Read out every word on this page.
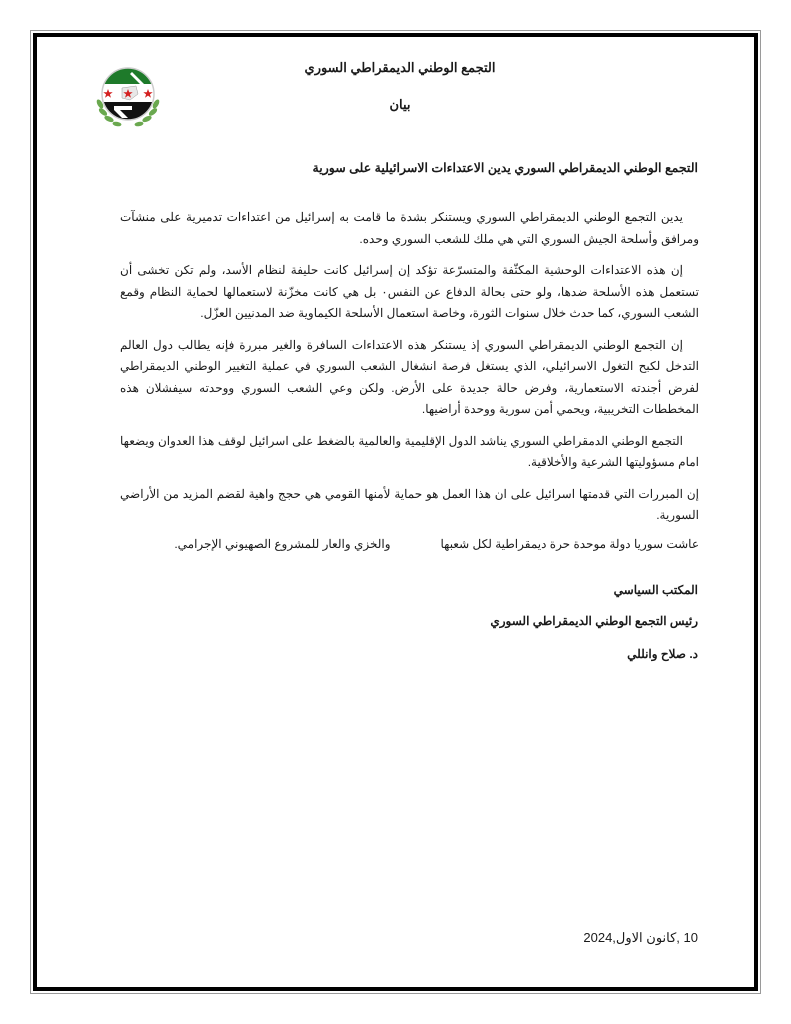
التجمع الوطني الديمقراطي السوري
بيان
التجمع الوطني الديمقراطي السوري يدين الاعتداءات الاسرائيلية على سورية

يدين التجمع الوطني الديمقراطي السوري ويستنكر بشدة ما قامت به إسرائيل من اعتداءات تدميرية على منشآت ومرافق وأسلحة الجيش السوري التي هي ملك للشعب السوري وحده.

إن هذه الاعتداءات الوحشية المكثّفة والمتسرّعة تؤكد إن إسرائيل كانت حليفة لنظام الأسد، ولم تكن تخشى أن تستعمل هذه الأسلحة ضدها، ولو حتى بحالة الدفاع عن النفس٠ بل هي كانت مخزّنة لاستعمالها لحماية النظام وقمع الشعب السوري، كما حدث خلال سنوات الثورة، وخاصة استعمال الأسلحة الكيماوية ضد المدنيين العزّل.

إن التجمع الوطني الديمقراطي السوري إذ يستنكر هذه الاعتداءات السافرة والغير مبررة فإنه يطالب دول العالم التدخل لكبح التغول الاسرائيلي، الذي يستغل فرصة انشغال الشعب السوري في عملية التغيير الوطني الديمقراطي لفرض أجندته الاستعمارية، وفرض حالة جديدة على الأرض. ولكن وعي الشعب السوري ووحدته سيفشلان هذه المخططات التخريبية، ويحمي أمن سورية ووحدة أراضيها.

التجمع الوطني الدمقراطي السوري يناشد الدول الإقليمية والعالمية بالضغط على اسرائيل لوقف هذا العدوان ويضعها امام مسؤوليتها الشرعية والأخلاقية.

إن المبررات التي قدمتها اسرائيل على ان هذا العمل هو حماية لأمنها القومي هي حجج واهية لقضم المزيد من الأراضي السورية.

عاشت سوريا دولة موحدة حرة ديمقراطية لكل شعبهاوالخزي والعار للمشروع الصهيوني الإجرامي.

المكتب السياسي
رئيس التجمع الوطني الديمقراطي السوري
د. صلاح وانللي
10 ,كانون الاول,2024
